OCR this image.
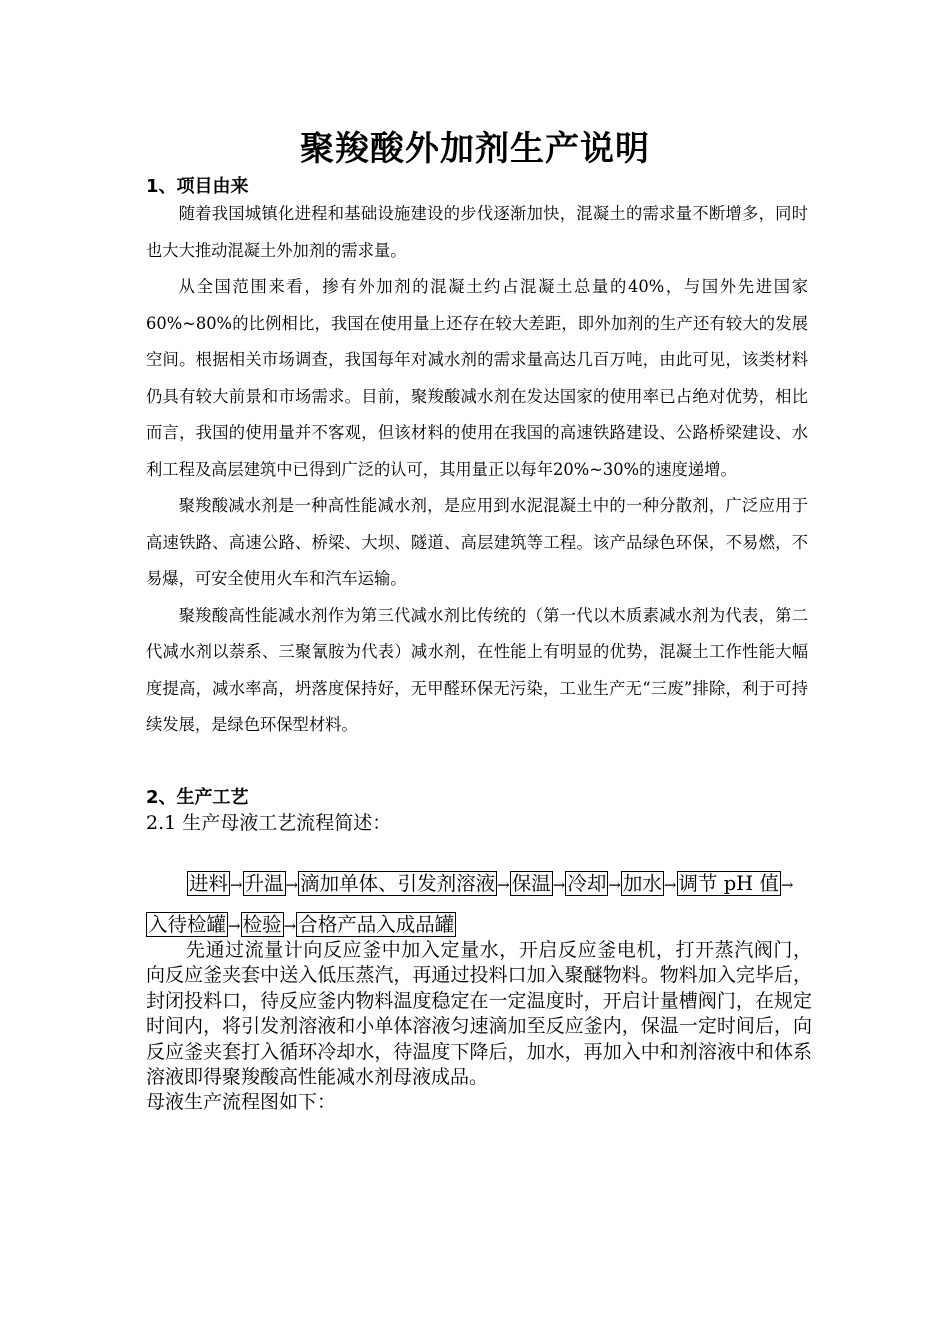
聚羧酸外加剂生产说明
1、项目由来

随着我国城镇化进程和基础设施建设的步伐逐渐加快，混凝土的需求量不断增多，同时也大大推动混凝土外加剂的需求量。

从全国范围来看，掺有外加剂的混凝土约占混凝土总量的40%，与国外先进国家60%~80%的比例相比，我国在使用量上还存在较大差距，即外加剂的生产还有较大的发展空间。根据相关市场调查，我国每年对减水剂的需求量高达几百万吨，由此可见，该类材料仍具有较大前景和市场需求。目前，聚羧酸减水剂在发达国家的使用率已占绝对优势，相比而言，我国的使用量并不客观，但该材料的使用在我国的高速铁路建设、公路桥梁建设、水利工程及高层建筑中已得到广泛的认可，其用量正以每年20%~30%的速度递增。

聚羧酸减水剂是一种高性能减水剂，是应用到水泥混凝土中的一种分散剂，广泛应用于高速铁路、高速公路、桥梁、大坝、隧道、高层建筑等工程。该产品绿色环保，不易燃，不易爆，可安全使用火车和汽车运输。

聚羧酸高性能减水剂作为第三代减水剂比传统的（第一代以木质素减水剂为代表，第二代减水剂以萘系、三聚氰胺为代表）减水剂，在性能上有明显的优势，混凝土工作性能大幅度提高，减水率高，坍落度保持好，无甲醛环保无污染，工业生产无“三废”排除，利于可持续发展，是绿色环保型材料。

2、生产工艺
2.1 生产母液工艺流程简述：
进料 → 升温 → 滴加单体、引发剂溶液 → 保温 → 冷却 → 加水 → 调节 pH 值 →入待检罐 → 检验 → 合格产品入成品罐

先通过流量计向反应釜中加入定量水，开启反应釜电机，打开蒸汽阀门，向反应釜夹套中送入低压蒸汽，再通过投料口加入聚醚物料。物料加入完毕后，封闭投料口，待反应釜内物料温度稳定在一定温度时，开启计量槽阀门，在规定时间内，将引发剂溶液和小单体溶液匀速滴加至反应釜内，保温一定时间后，向反应釜夹套打入循环冷却水，待温度下降后，加水，再加入中和剂溶液中和体系溶液即得聚羧酸高性能减水剂母液成品。

母液生产流程图如下：
